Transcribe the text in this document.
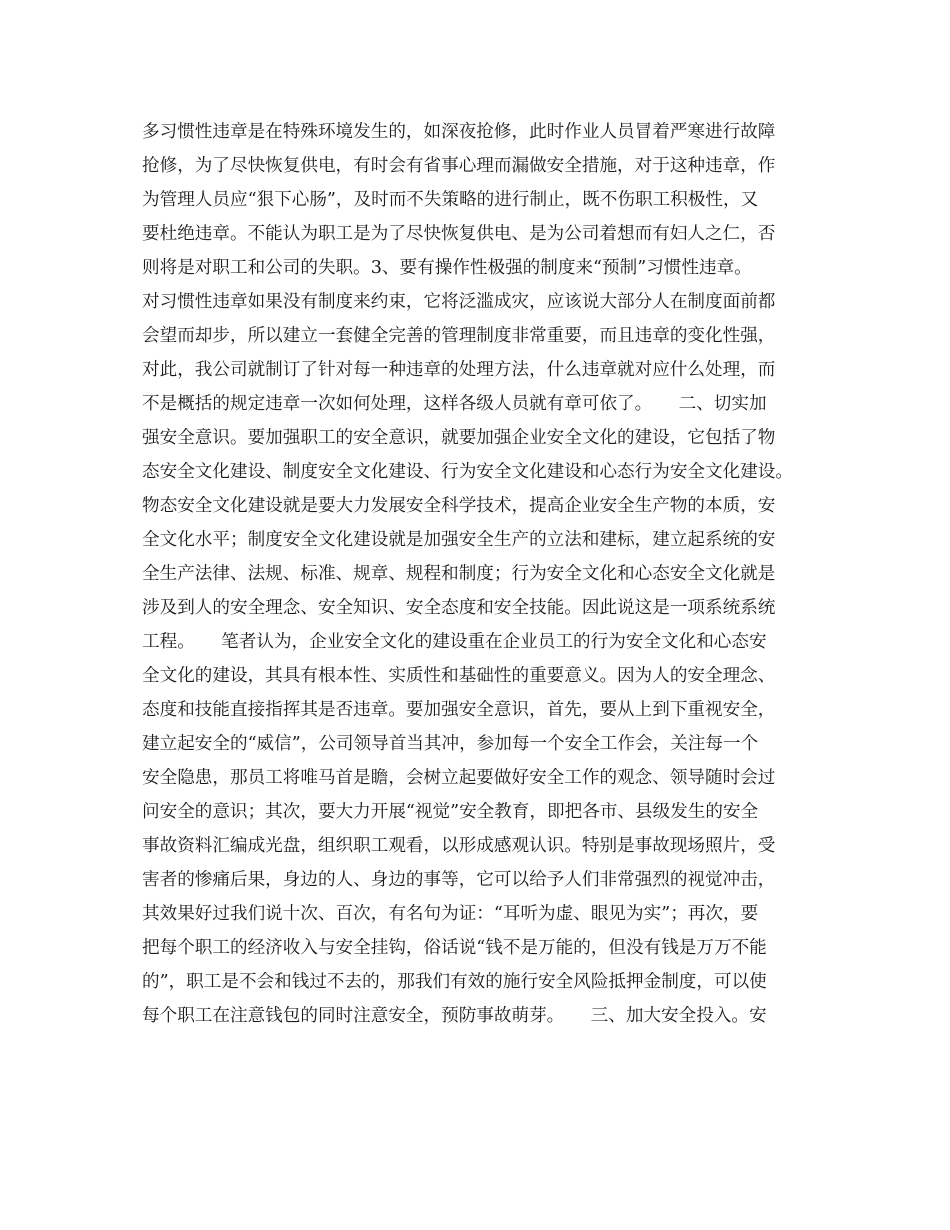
多习惯性违章是在特殊环境发生的，如深夜抢修，此时作业人员冒着严寒进行故障
抢修，为了尽快恢复供电，有时会有省事心理而漏做安全措施，对于这种违章，作
为管理人员应“狠下心肠”，及时而不失策略的进行制止，既不伤职工积极性，又
要杜绝违章。不能认为职工是为了尽快恢复供电、是为公司着想而有妇人之仁，否
则将是对职工和公司的失职。3、要有操作性极强的制度来“预制”习惯性违章。
对习惯性违章如果没有制度来约束，它将泛滥成灾，应该说大部分人在制度面前都
会望而却步，所以建立一套健全完善的管理制度非常重要，而且违章的变化性强，
对此，我公司就制订了针对每一种违章的处理方法，什么违章就对应什么处理，而
不是概括的规定违章一次如何处理，这样各级人员就有章可依了。　　二、切实加
强安全意识。要加强职工的安全意识，就要加强企业安全文化的建设，它包括了物
态安全文化建设、制度安全文化建设、行为安全文化建设和心态行为安全文化建设。
物态安全文化建设就是要大力发展安全科学技术，提高企业安全生产物的本质，安
全文化水平；制度安全文化建设就是加强安全生产的立法和建标，建立起系统的安
全生产法律、法规、标准、规章、规程和制度；行为安全文化和心态安全文化就是
涉及到人的安全理念、安全知识、安全态度和安全技能。因此说这是一项系统系统
工程。　　笔者认为，企业安全文化的建设重在企业员工的行为安全文化和心态安
全文化的建设，其具有根本性、实质性和基础性的重要意义。因为人的安全理念、
态度和技能直接指挥其是否违章。要加强安全意识，首先，要从上到下重视安全，
建立起安全的“威信”，公司领导首当其冲，参加每一个安全工作会，关注每一个
安全隐患，那员工将唯马首是瞻，会树立起要做好安全工作的观念、领导随时会过
问安全的意识；其次，要大力开展“视觉”安全教育，即把各市、县级发生的安全
事故资料汇编成光盘，组织职工观看，以形成感观认识。特别是事故现场照片，受
害者的惨痛后果，身边的人、身边的事等，它可以给予人们非常强烈的视觉冲击，
其效果好过我们说十次、百次，有名句为证：“耳听为虚、眼见为实”；再次，要
把每个职工的经济收入与安全挂钩，俗话说“钱不是万能的，但没有钱是万万不能
的”，职工是不会和钱过不去的，那我们有效的施行安全风险抵押金制度，可以使
每个职工在注意钱包的同时注意安全，预防事故萌芽。　　三、加大安全投入。安
